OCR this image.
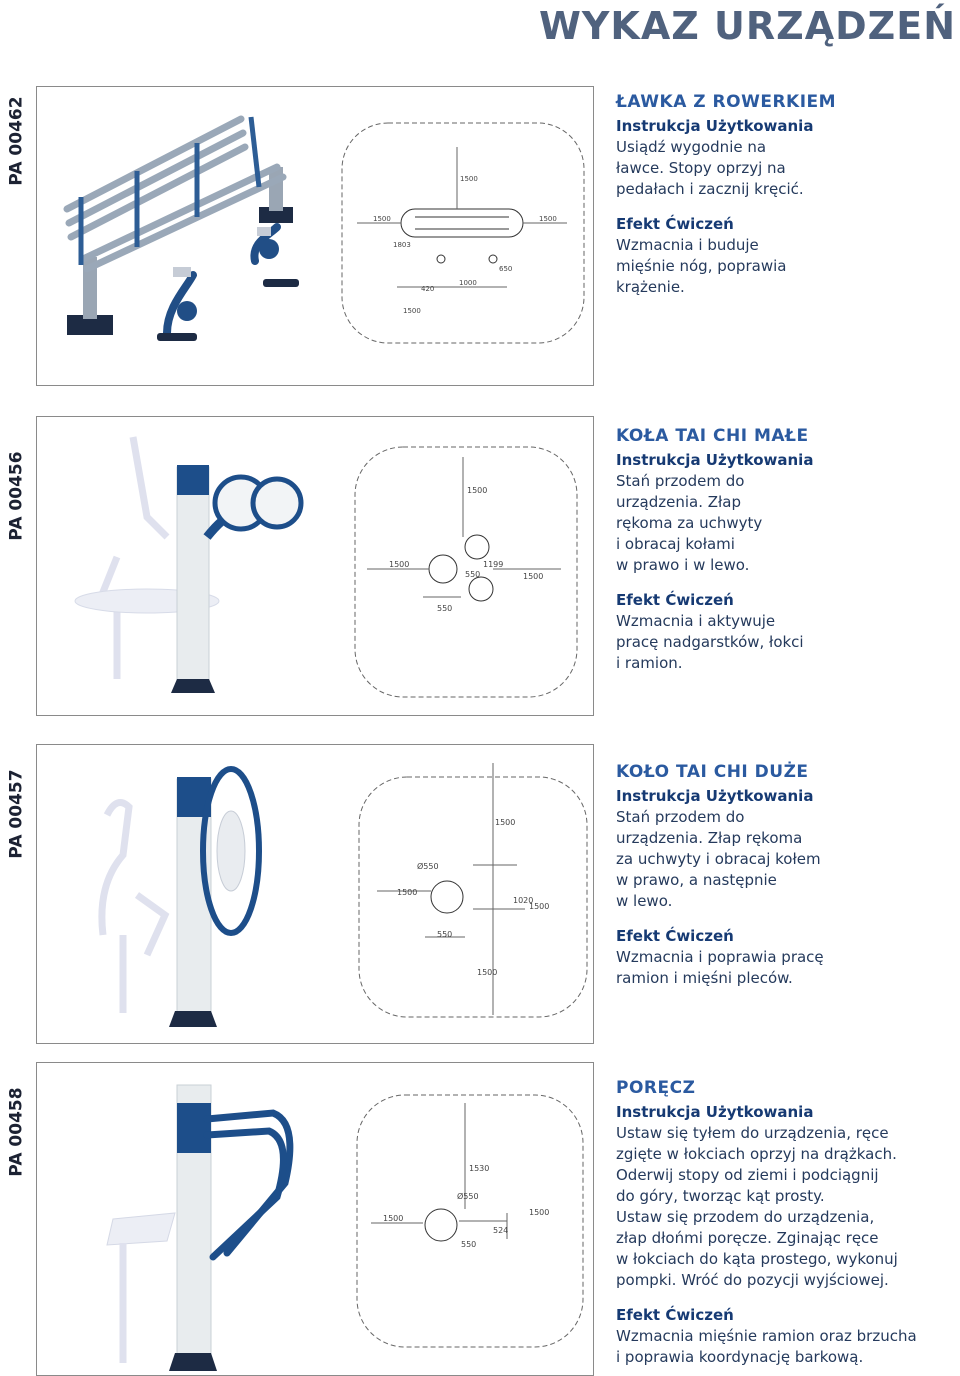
WYKAZ URZĄDZEŃ
PA 00462
1500	1500
1500
1500
1803
420
1000
650
ŁAWKA Z ROWERKIEM
Instrukcja Użytkowania

Usiądź wygodnie na
ławce. Stopy oprzyj na
pedałach i zacznij kręcić.

Efekt Ćwiczeń

Wzmacnia i buduje
mięśnie nóg, poprawia
krążenie.

PA 00456	1500
1500
1500
550
550
1199
KOŁA TAI CHI MAŁE
Instrukcja Użytkowania

Stań przodem do
urządzenia. Złap
rękoma za uchwyty
i obracaj kołami
w prawo i w lewo.

Efekt Ćwiczeń

Wzmacnia i aktywuje
pracę nadgarstków, łokci
i ramion.

PA 00457	1500
1500
1500
1500
Ø550
550
1020
KOŁO TAI CHI DUŻE
Instrukcja Użytkowania

Stań przodem do
urządzenia. Złap rękoma
za uchwyty i obracaj kołem
w prawo, a następnie
w lewo.

Efekt Ćwiczeń

Wzmacnia i poprawia pracę
ramion i mięśni pleców.

PA 00458	1530
1500
1500
Ø550
550
524
PORĘCZ
Instrukcja Użytkowania

Ustaw się tyłem do urządzenia, ręce
zgięte w łokciach oprzyj na drążkach.
Oderwij stopy od ziemi i podciągnij
do góry, tworząc kąt prosty.
Ustaw się przodem do urządzenia,
złap dłońmi poręcze. Zginając ręce
w łokciach do kąta prostego, wykonuj
pompki. Wróć do pozycji wyjściowej.

Efekt Ćwiczeń

Wzmacnia mięśnie ramion oraz brzucha
i poprawia koordynację barkową.
